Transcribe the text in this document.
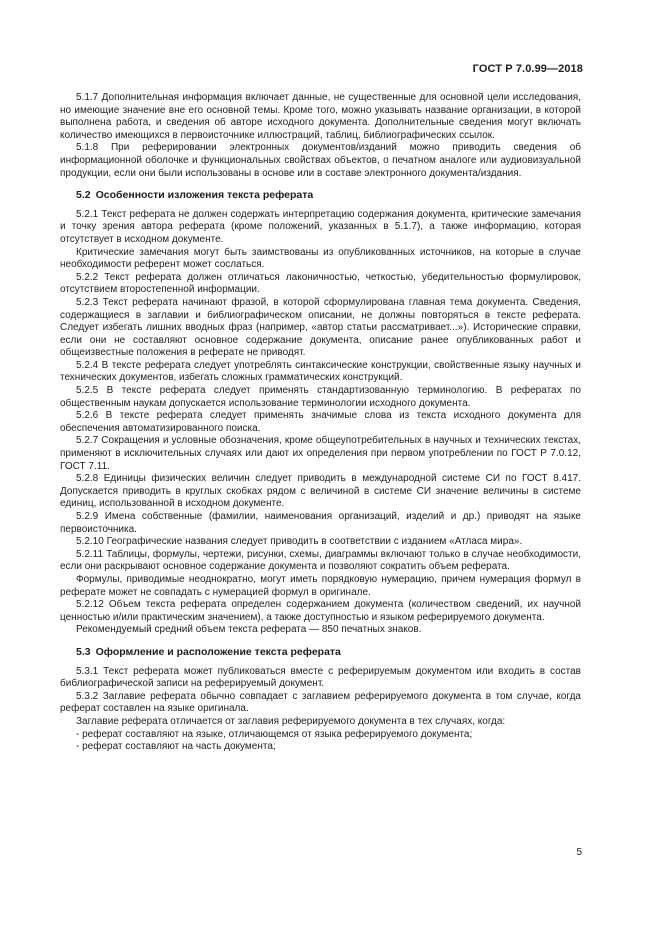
ГОСТ Р 7.0.99—2018

5.1.7 Дополнительная информация включает данные, не существенные для основной цели исследования, но имеющие значение вне его основной темы. Кроме того, можно указывать название организации, в которой выполнена работа, и сведения об авторе исходного документа. Дополнительные сведения могут включать количество имеющихся в первоисточнике иллюстраций, таблиц, библиографических ссылок.

5.1.8 При реферировании электронных документов/изданий можно приводить сведения об информационной оболочке и функциональных свойствах объектов, о печатном аналоге или аудиовизуальной продукции, если они были использованы в основе или в составе электронного документа/издания.

5.2 Особенности изложения текста реферата

5.2.1 Текст реферата не должен содержать интерпретацию содержания документа, критические замечания и точку зрения автора реферата (кроме положений, указанных в 5.1.7), а также информацию, которая отсутствует в исходном документе.

Критические замечания могут быть заимствованы из опубликованных источников, на которые в случае необходимости референт может сослаться.

5.2.2 Текст реферата должен отличаться лаконичностью, четкостью, убедительностью формулировок, отсутствием второстепенной информации.

5.2.3 Текст реферата начинают фразой, в которой сформулирована главная тема документа. Сведения, содержащиеся в заглавии и библиографическом описании, не должны повторяться в тексте реферата. Следует избегать лишних вводных фраз (например, «автор статьи рассматривает...»). Исторические справки, если они не составляют основное содержание документа, описание ранее опубликованных работ и общеизвестные положения в реферате не приводят.

5.2.4 В тексте реферата следует употреблять синтаксические конструкции, свойственные языку научных и технических документов, избегать сложных грамматических конструкций.

5.2.5 В тексте реферата следует применять стандартизованную терминологию. В рефератах по общественным наукам допускается использование терминологии исходного документа.

5.2.6 В тексте реферата следует применять значимые слова из текста исходного документа для обеспечения автоматизированного поиска.

5.2.7 Сокращения и условные обозначения, кроме общеупотребительных в научных и технических текстах, применяют в исключительных случаях или дают их определения при первом употреблении по ГОСТ Р 7.0.12, ГОСТ 7.11.

5.2.8 Единицы физических величин следует приводить в международной системе СИ по ГОСТ 8.417. Допускается приводить в круглых скобках рядом с величиной в системе СИ значение величины в системе единиц, использованной в исходном документе.

5.2.9 Имена собственные (фамилии, наименования организаций, изделий и др.) приводят на языке первоисточника.

5.2.10 Географические названия следует приводить в соответствии с изданием «Атласа мира».

5.2.11 Таблицы, формулы, чертежи, рисунки, схемы, диаграммы включают только в случае необходимости, если они раскрывают основное содержание документа и позволяют сократить объем реферата.

Формулы, приводимые неоднократно, могут иметь порядковую нумерацию, причем нумерация формул в реферате может не совпадать с нумерацией формул в оригинале.

5.2.12 Объем текста реферата определен содержанием документа (количеством сведений, их научной ценностью и/или практическим значением), а также доступностью и языком реферируемого документа.

Рекомендуемый средний объем текста реферата — 850 печатных знаков.

5.3 Оформление и расположение текста реферата

5.3.1 Текст реферата может публиковаться вместе с реферируемым документом или входить в состав библиографической записи на реферируемый документ.

5.3.2 Заглавие реферата обычно совпадает с заглавием реферируемого документа в том случае, когда реферат составлен на языке оригинала.

Заглавие реферата отличается от заглавия реферируемого документа в тех случаях, когда:

- реферат составляют на языке, отличающемся от языка реферируемого документа;

- реферат составляют на часть документа;

5
